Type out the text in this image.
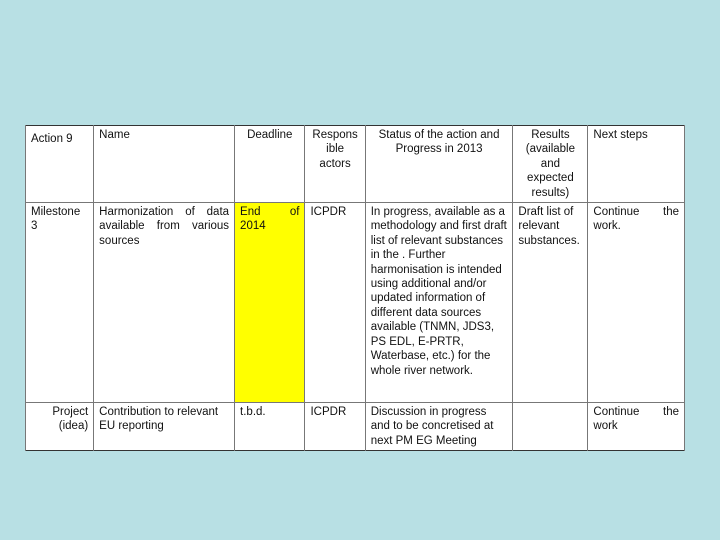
Action 9	Name	Deadline	Respons ible actors	Status of the action and Progress in 2013	Results (available and expected results)	Next steps
Milestone 3	Harmonization of data available from various sources	End of 2014	ICPDR	In progress, available as a methodology and first draft list of relevant substances in the . Further harmonisation is intended using additional and/or updated information of different data sources available (TNMN, JDS3, PS EDL, E-PRTR, Waterbase, etc.) for the whole river network.	Draft list of relevant substances.	Continue the work.
Project (idea)	Contribution to relevant EU reporting	t.b.d.	ICPDR	Discussion in progress and to be concretised at next PM EG Meeting		Continue the work
